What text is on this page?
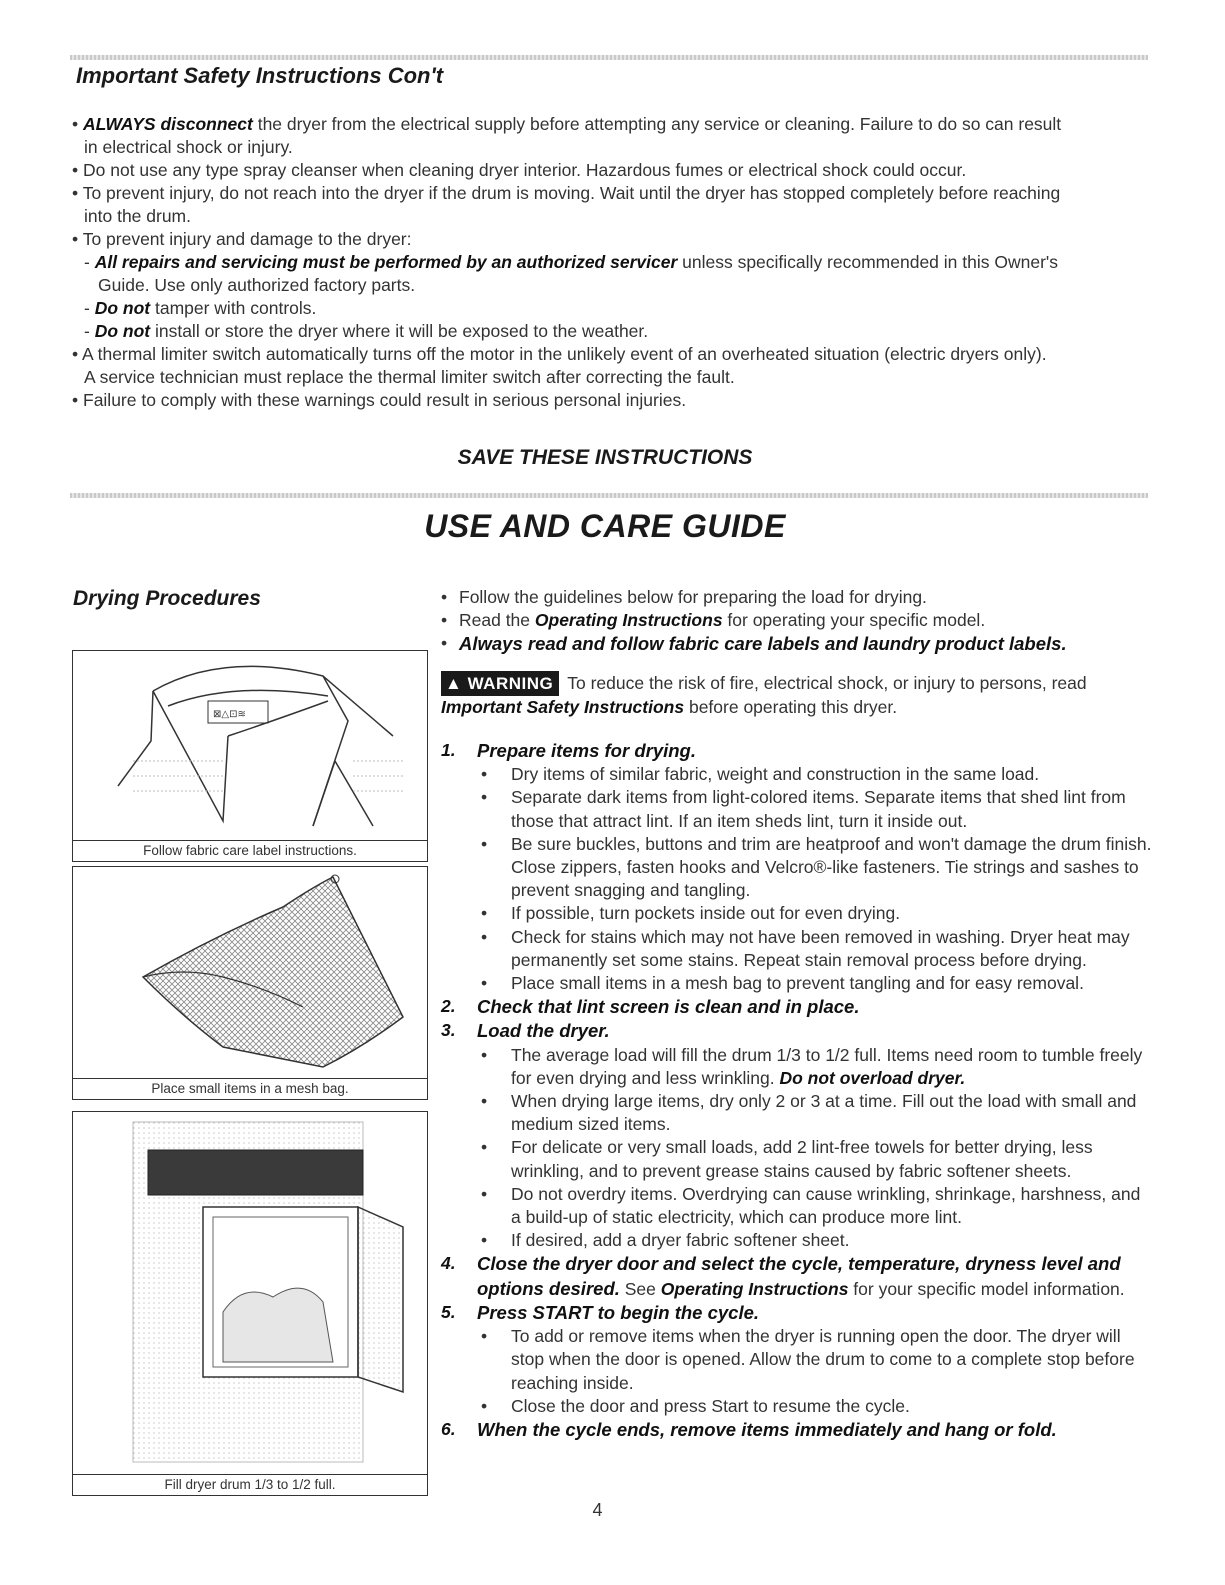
Important Safety Instructions Con't

• ALWAYS disconnect the dryer from the electrical supply before attempting any service or cleaning. Failure to do so can result

in electrical shock or injury.

• Do not use any type spray cleanser when cleaning dryer interior. Hazardous fumes or electrical shock could occur.

• To prevent injury, do not reach into the dryer if the drum is moving. Wait until the dryer has stopped completely before reaching

into the drum.

• To prevent injury and damage to the dryer:

- All repairs and servicing must be performed by an authorized servicer unless specifically recommended in this Owner's

Guide. Use only authorized factory parts.

- Do not tamper with controls.

- Do not install or store the dryer where it will be exposed to the weather.

• A thermal limiter switch automatically turns off the motor in the unlikely event of an overheated situation (electric dryers only).

A service technician must replace the thermal limiter switch after correcting the fault.

• Failure to comply with these warnings could result in serious personal injuries.

SAVE THESE INSTRUCTIONS
USE AND CARE GUIDE
Drying Procedures
⊠△⊡≋
Follow fabric care label instructions.
Place small items in a mesh bag.
Fill dryer drum 1/3 to 1/2 full.
• Follow the guidelines below for preparing the load for drying.
• Read the Operating Instructions for operating your specific model.
• Always read and follow fabric care labels and laundry product labels.

▲ WARNING To reduce the risk of fire, electrical shock, or injury to persons, read
Important Safety Instructions before operating this dryer.

1. Prepare items for drying.
• Dry items of similar fabric, weight and construction in the same load.
• Separate dark items from light-colored items. Separate items that shed lint from those that attract lint. If an item sheds lint, turn it inside out.
• Be sure buckles, buttons and trim are heatproof and won't damage the drum finish. Close zippers, fasten hooks and Velcro®-like fasteners. Tie strings and sashes to prevent snagging and tangling.
• If possible, turn pockets inside out for even drying.
• Check for stains which may not have been removed in washing. Dryer heat may permanently set some stains. Repeat stain removal process before drying.
• Place small items in a mesh bag to prevent tangling and for easy removal.
2. Check that lint screen is clean and in place.
3. Load the dryer.
• The average load will fill the drum 1/3 to 1/2 full. Items need room to tumble freely for even drying and less wrinkling. Do not overload dryer.
• When drying large items, dry only 2 or 3 at a time. Fill out the load with small and medium sized items.
• For delicate or very small loads, add 2 lint-free towels for better drying, less wrinkling, and to prevent grease stains caused by fabric softener sheets.
• Do not overdry items. Overdrying can cause wrinkling, shrinkage, harshness, and a build-up of static electricity, which can produce more lint.
• If desired, add a dryer fabric softener sheet.
4. Close the dryer door and select the cycle, temperature, dryness level and options desired. See Operating Instructions for your specific model information.
5. Press START to begin the cycle.
• To add or remove items when the dryer is running open the door. The dryer will stop when the door is opened. Allow the drum to come to a complete stop before reaching inside.
• Close the door and press Start to resume the cycle.
6. When the cycle ends, remove items immediately and hang or fold.
4
